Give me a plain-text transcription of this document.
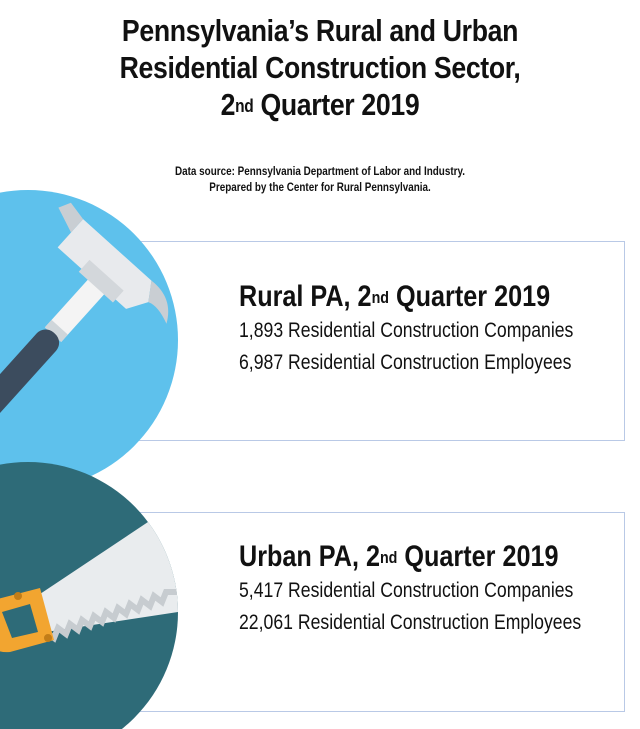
Pennsylvania’s Rural and Urban
Residential Construction Sector,
2nd Quarter 2019
Data source: Pennsylvania Department of Labor and Industry.
Prepared by the Center for Rural Pennsylvania.
Rural PA, 2nd Quarter 2019
1,893 Residential Construction Companies
6,987 Residential Construction Employees
Urban PA, 2nd Quarter 2019
5,417 Residential Construction Companies
22,061 Residential Construction Employees
